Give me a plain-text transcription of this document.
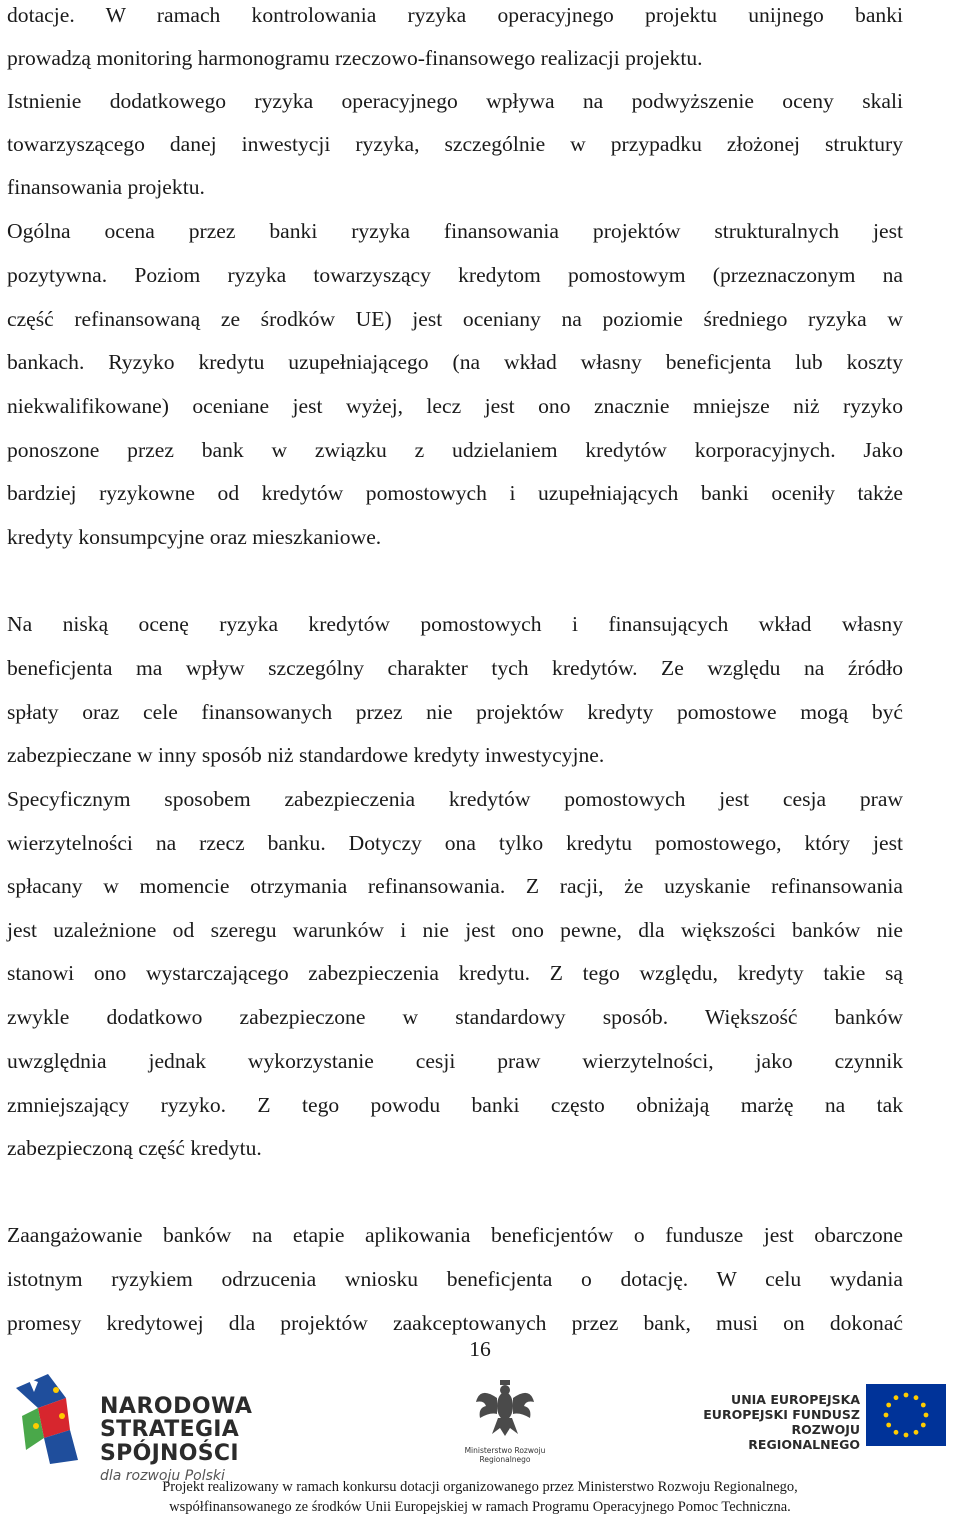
dotacje. W ramach kontrolowania ryzyka operacyjnego projektu unijnego banki
prowadzą monitoring harmonogramu rzeczowo-finansowego realizacji projektu.
Istnienie dodatkowego ryzyka operacyjnego wpływa na podwyższenie oceny skali
towarzyszącego danej inwestycji ryzyka, szczególnie w przypadku złożonej struktury
finansowania projektu.
Ogólna ocena przez banki ryzyka finansowania projektów strukturalnych jest
pozytywna. Poziom ryzyka towarzyszący kredytom pomostowym (przeznaczonym na
część refinansowaną ze środków UE) jest oceniany na poziomie średniego ryzyka w
bankach. Ryzyko kredytu uzupełniającego (na wkład własny beneficjenta lub koszty
niekwalifikowane) oceniane jest wyżej, lecz jest ono znacznie mniejsze niż ryzyko
ponoszone przez bank w związku z udzielaniem kredytów korporacyjnych. Jako
bardziej ryzykowne od kredytów pomostowych i uzupełniających banki oceniły także
kredyty konsumpcyjne oraz mieszkaniowe.
Na niską ocenę ryzyka kredytów pomostowych i finansujących wkład własny
beneficjenta ma wpływ szczególny charakter tych kredytów. Ze względu na źródło
spłaty oraz cele finansowanych przez nie projektów kredyty pomostowe mogą być
zabezpieczane w inny sposób niż standardowe kredyty inwestycyjne.
Specyficznym sposobem zabezpieczenia kredytów pomostowych jest cesja praw
wierzytelności na rzecz banku. Dotyczy ona tylko kredytu pomostowego, który jest
spłacany w momencie otrzymania refinansowania. Z racji, że uzyskanie refinansowania
jest uzależnione od szeregu warunków i nie jest ono pewne, dla większości banków nie
stanowi ono wystarczającego zabezpieczenia kredytu. Z tego względu, kredyty takie są
zwykle dodatkowo zabezpieczone w standardowy sposób. Większość banków
uwzględnia jednak wykorzystanie cesji praw wierzytelności, jako czynnik
zmniejszający ryzyko. Z tego powodu banki często obniżają marżę na tak
zabezpieczoną część kredytu.
Zaangażowanie banków na etapie aplikowania beneficjentów o fundusze jest obarczone
istotnym ryzykiem odrzucenia wniosku beneficjenta o dotację. W celu wydania
promesy kredytowej dla projektów zaakceptowanych przez bank, musi on dokonać
16
NARODOWA
STRATEGIA SPÓJNOŚCI
dla rozwoju Polski
Ministerstwo Rozwoju Regionalnego
UNIA EUROPEJSKA
EUROPEJSKI FUNDUSZ
ROZWOJU REGIONALNEGO
Projekt realizowany w ramach konkursu dotacji organizowanego przez Ministerstwo Rozwoju Regionalnego,
współfinansowanego ze środków Unii Europejskiej w ramach Programu Operacyjnego Pomoc Techniczna.
